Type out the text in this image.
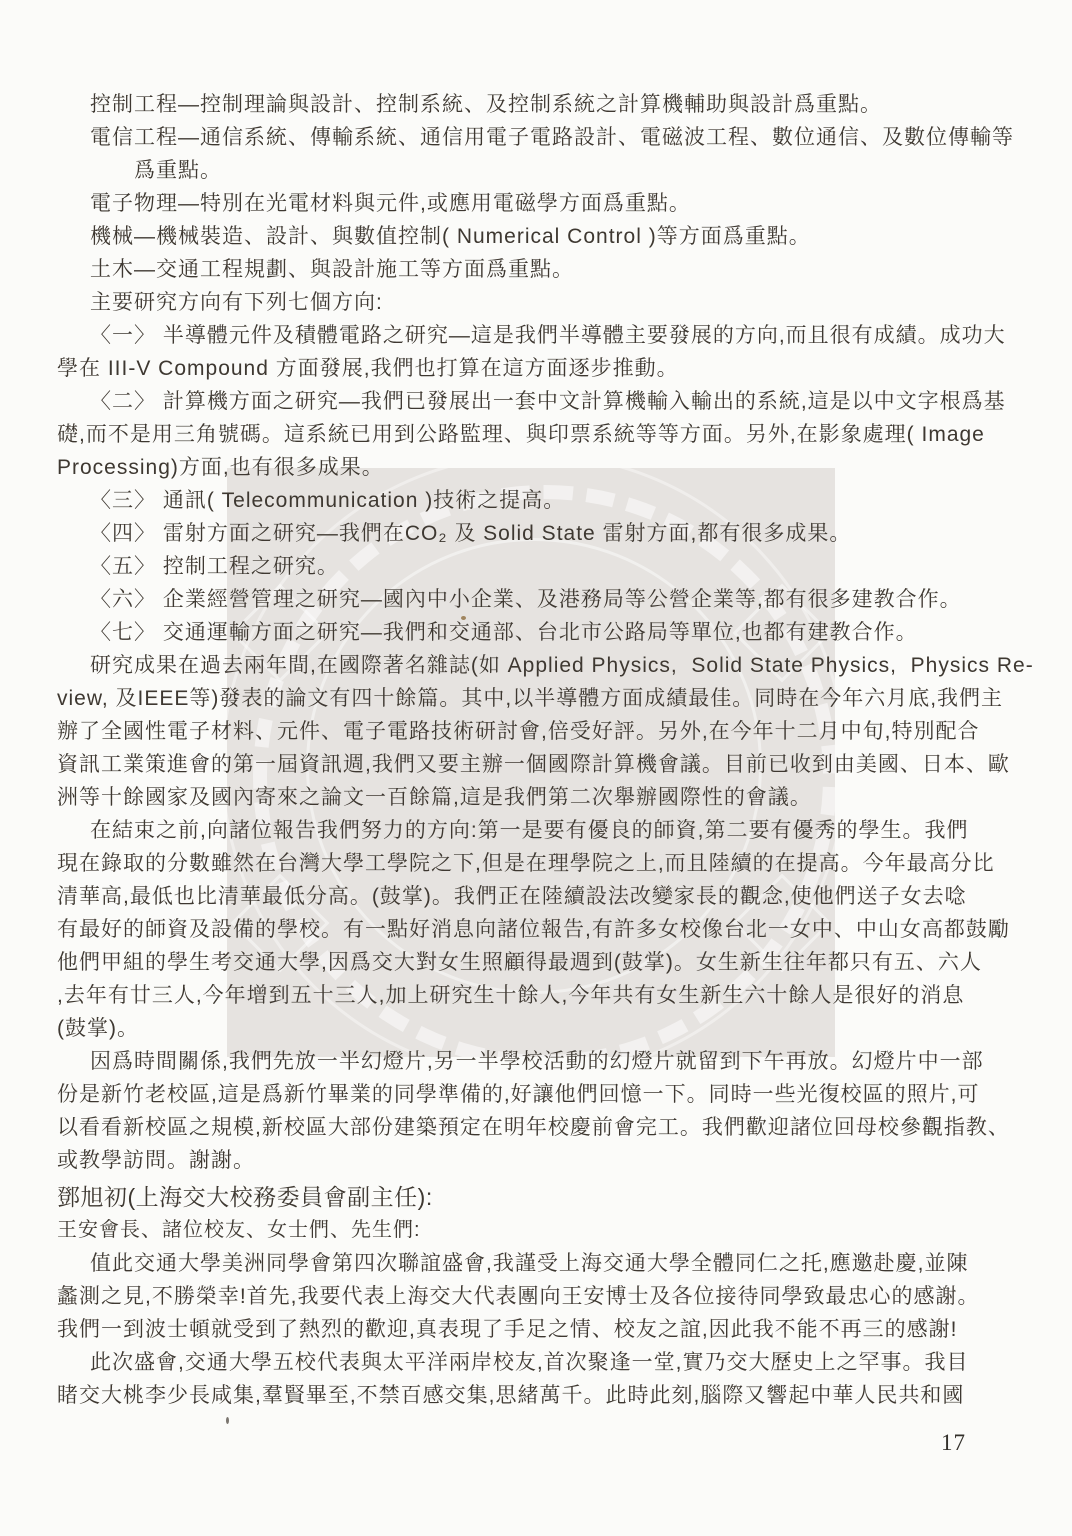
控制工程—控制理論與設計、控制系統、及控制系統之計算機輔助與設計爲重點。
電信工程—通信系統、傳輸系統、通信用電子電路設計、電磁波工程、數位通信、及數位傳輸等
爲重點。
電子物理—特別在光電材料與元件,或應用電磁學方面爲重點。
機械—機械裝造、設計、與數值控制( Numerical Control )等方面爲重點。
土木—交通工程規劃、與設計施工等方面爲重點。
主要研究方向有下列七個方向:
〈一〉 半導體元件及積體電路之研究—這是我們半導體主要發展的方向,而且很有成績。成功大
學在 III-V Compound 方面發展,我們也打算在這方面逐步推動。
〈二〉 計算機方面之研究—我們已發展出一套中文計算機輸入輸出的系統,這是以中文字根爲基
礎,而不是用三角號碼。這系統已用到公路監理、與印票系統等等方面。另外,在影象處理( Image
Processing)方面,也有很多成果。
〈三〉 通訊( Telecommunication )技術之提高。
〈四〉 雷射方面之研究—我們在CO₂ 及 Solid State 雷射方面,都有很多成果。
〈五〉 控制工程之研究。
〈六〉 企業經營管理之研究—國內中小企業、及港務局等公營企業等,都有很多建教合作。
〈七〉 交通運輸方面之研究—我們和交通部、台北市公路局等單位,也都有建教合作。
研究成果在過去兩年間,在國際著名雜誌(如 Applied Physics,  Solid State Physics,  Physics Re-
view, 及IEEE等)發表的論文有四十餘篇。其中,以半導體方面成績最佳。同時在今年六月底,我們主
辦了全國性電子材料、元件、電子電路技術研討會,倍受好評。另外,在今年十二月中旬,特別配合
資訊工業策進會的第一屆資訊週,我們又要主辦一個國際計算機會議。目前已收到由美國、日本、歐
洲等十餘國家及國內寄來之論文一百餘篇,這是我們第二次舉辦國際性的會議。
在結束之前,向諸位報告我們努力的方向:第一是要有優良的師資,第二要有優秀的學生。我們
現在錄取的分數雖然在台灣大學工學院之下,但是在理學院之上,而且陸續的在提高。今年最高分比
清華高,最低也比清華最低分高。(鼓掌)。我們正在陸續設法改變家長的觀念,使他們送子女去唸
有最好的師資及設備的學校。有一點好消息向諸位報告,有許多女校像台北一女中、中山女高都鼓勵
他們甲組的學生考交通大學,因爲交大對女生照顧得最週到(鼓掌)。女生新生往年都只有五、六人
,去年有廿三人,今年增到五十三人,加上研究生十餘人,今年共有女生新生六十餘人是很好的消息
(鼓掌)。
因爲時間關係,我們先放一半幻燈片,另一半學校活動的幻燈片就留到下午再放。幻燈片中一部
份是新竹老校區,這是爲新竹畢業的同學準備的,好讓他們回憶一下。同時一些光復校區的照片,可
以看看新校區之規模,新校區大部份建築預定在明年校慶前會完工。我們歡迎諸位回母校參觀指教、
或教學訪問。謝謝。
鄧旭初(上海交大校務委員會副主任):
王安會長、諸位校友、女士們、先生們:
值此交通大學美洲同學會第四次聯誼盛會,我謹受上海交通大學全體同仁之托,應邀赴慶,並陳
蠡測之見,不勝榮幸!首先,我要代表上海交大代表團向王安博士及各位接待同學致最忠心的感謝。
我們一到波士頓就受到了熱烈的歡迎,真表現了手足之情、校友之誼,因此我不能不再三的感謝!
此次盛會,交通大學五校代表與太平洋兩岸校友,首次聚逢一堂,實乃交大歷史上之罕事。我目
睹交大桃李少長咸集,羣賢畢至,不禁百感交集,思緒萬千。此時此刻,腦際又響起中華人民共和國
17
